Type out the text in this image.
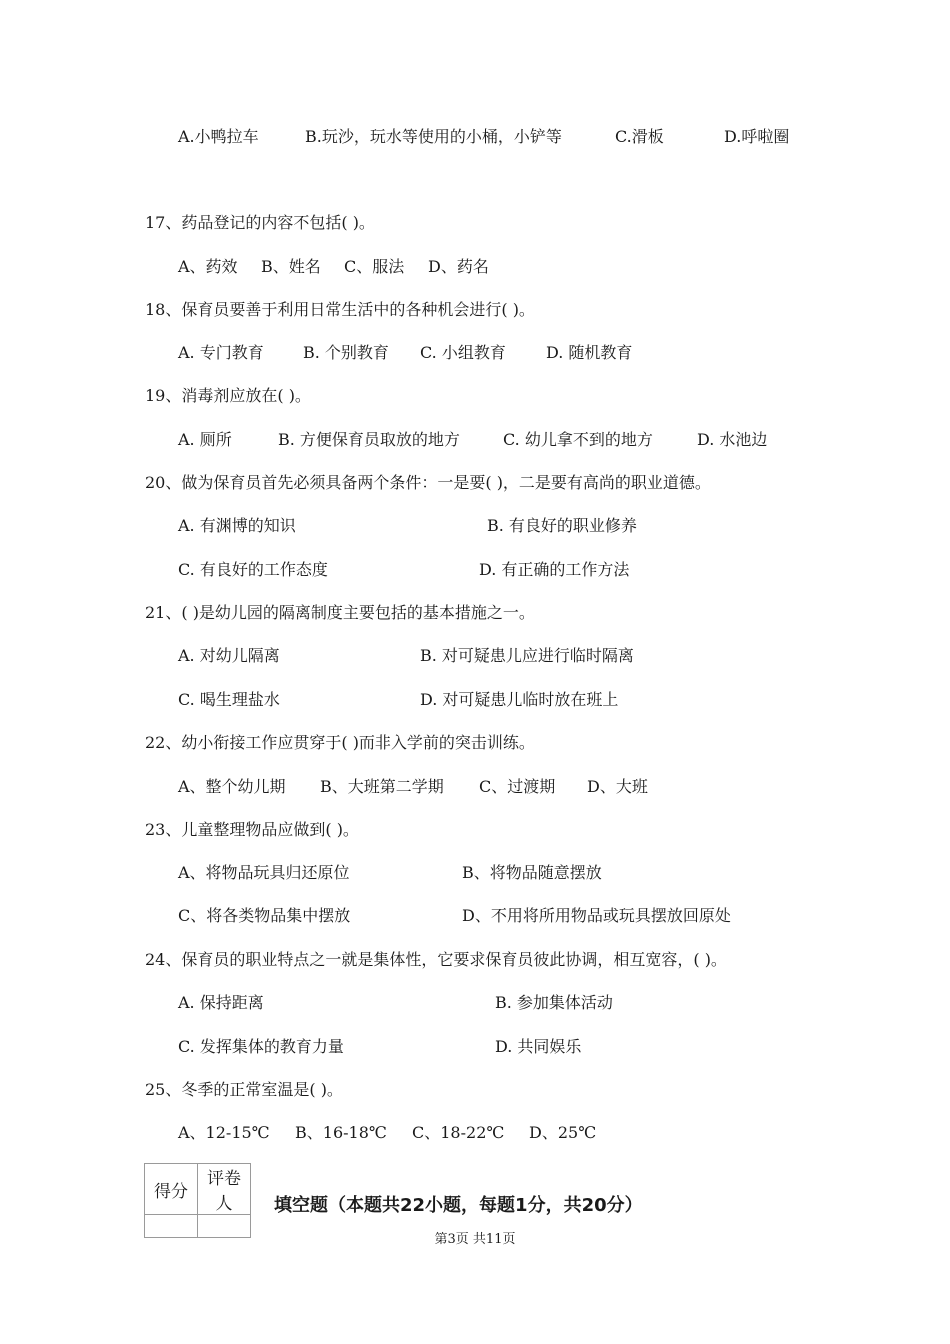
A.小鸭拉车	B.玩沙，玩水等使用的小桶，小铲等	C.滑板	D.呼啦圈
17、药品登记的内容不包括( )。
A、药效 B、姓名 C、服法 D、药名
18、保育员要善于利用日常生活中的各种机会进行( )。
A. 专门教育 B. 个别教育 C. 小组教育	D. 随机教育
19、消毒剂应放在( )。
A. 厕所	B. 方便保育员取放的地方	C. 幼儿拿不到的地方	D. 水池边
20、做为保育员首先必须具备两个条件：一是要( )，二是要有高尚的职业道德。
A. 有渊博的知识	B. 有良好的职业修养
C. 有良好的工作态度	D. 有正确的工作方法
21、( )是幼儿园的隔离制度主要包括的基本措施之一。
A. 对幼儿隔离	B. 对可疑患儿应进行临时隔离
C. 喝生理盐水	D. 对可疑患儿临时放在班上
22、幼小衔接工作应贯穿于( )而非入学前的突击训练。
A、整个幼儿期 B、大班第二学期 C、过渡期 D、大班
23、儿童整理物品应做到( )。
A、将物品玩具归还原位	B、将物品随意摆放
C、将各类物品集中摆放	D、不用将所用物品或玩具摆放回原处
24、保育员的职业特点之一就是集体性，它要求保育员彼此协调，相互宽容，( )。
A. 保持距离	B. 参加集体活动
C. 发挥集体的教育力量	D. 共同娱乐
25、冬季的正常室温是( )。
A、12-15℃ B、16-18℃ C、18-22℃ D、25℃
得分	评卷人
	填空题（本题共22小题，每题1分，共20分）
第3页 共11页
